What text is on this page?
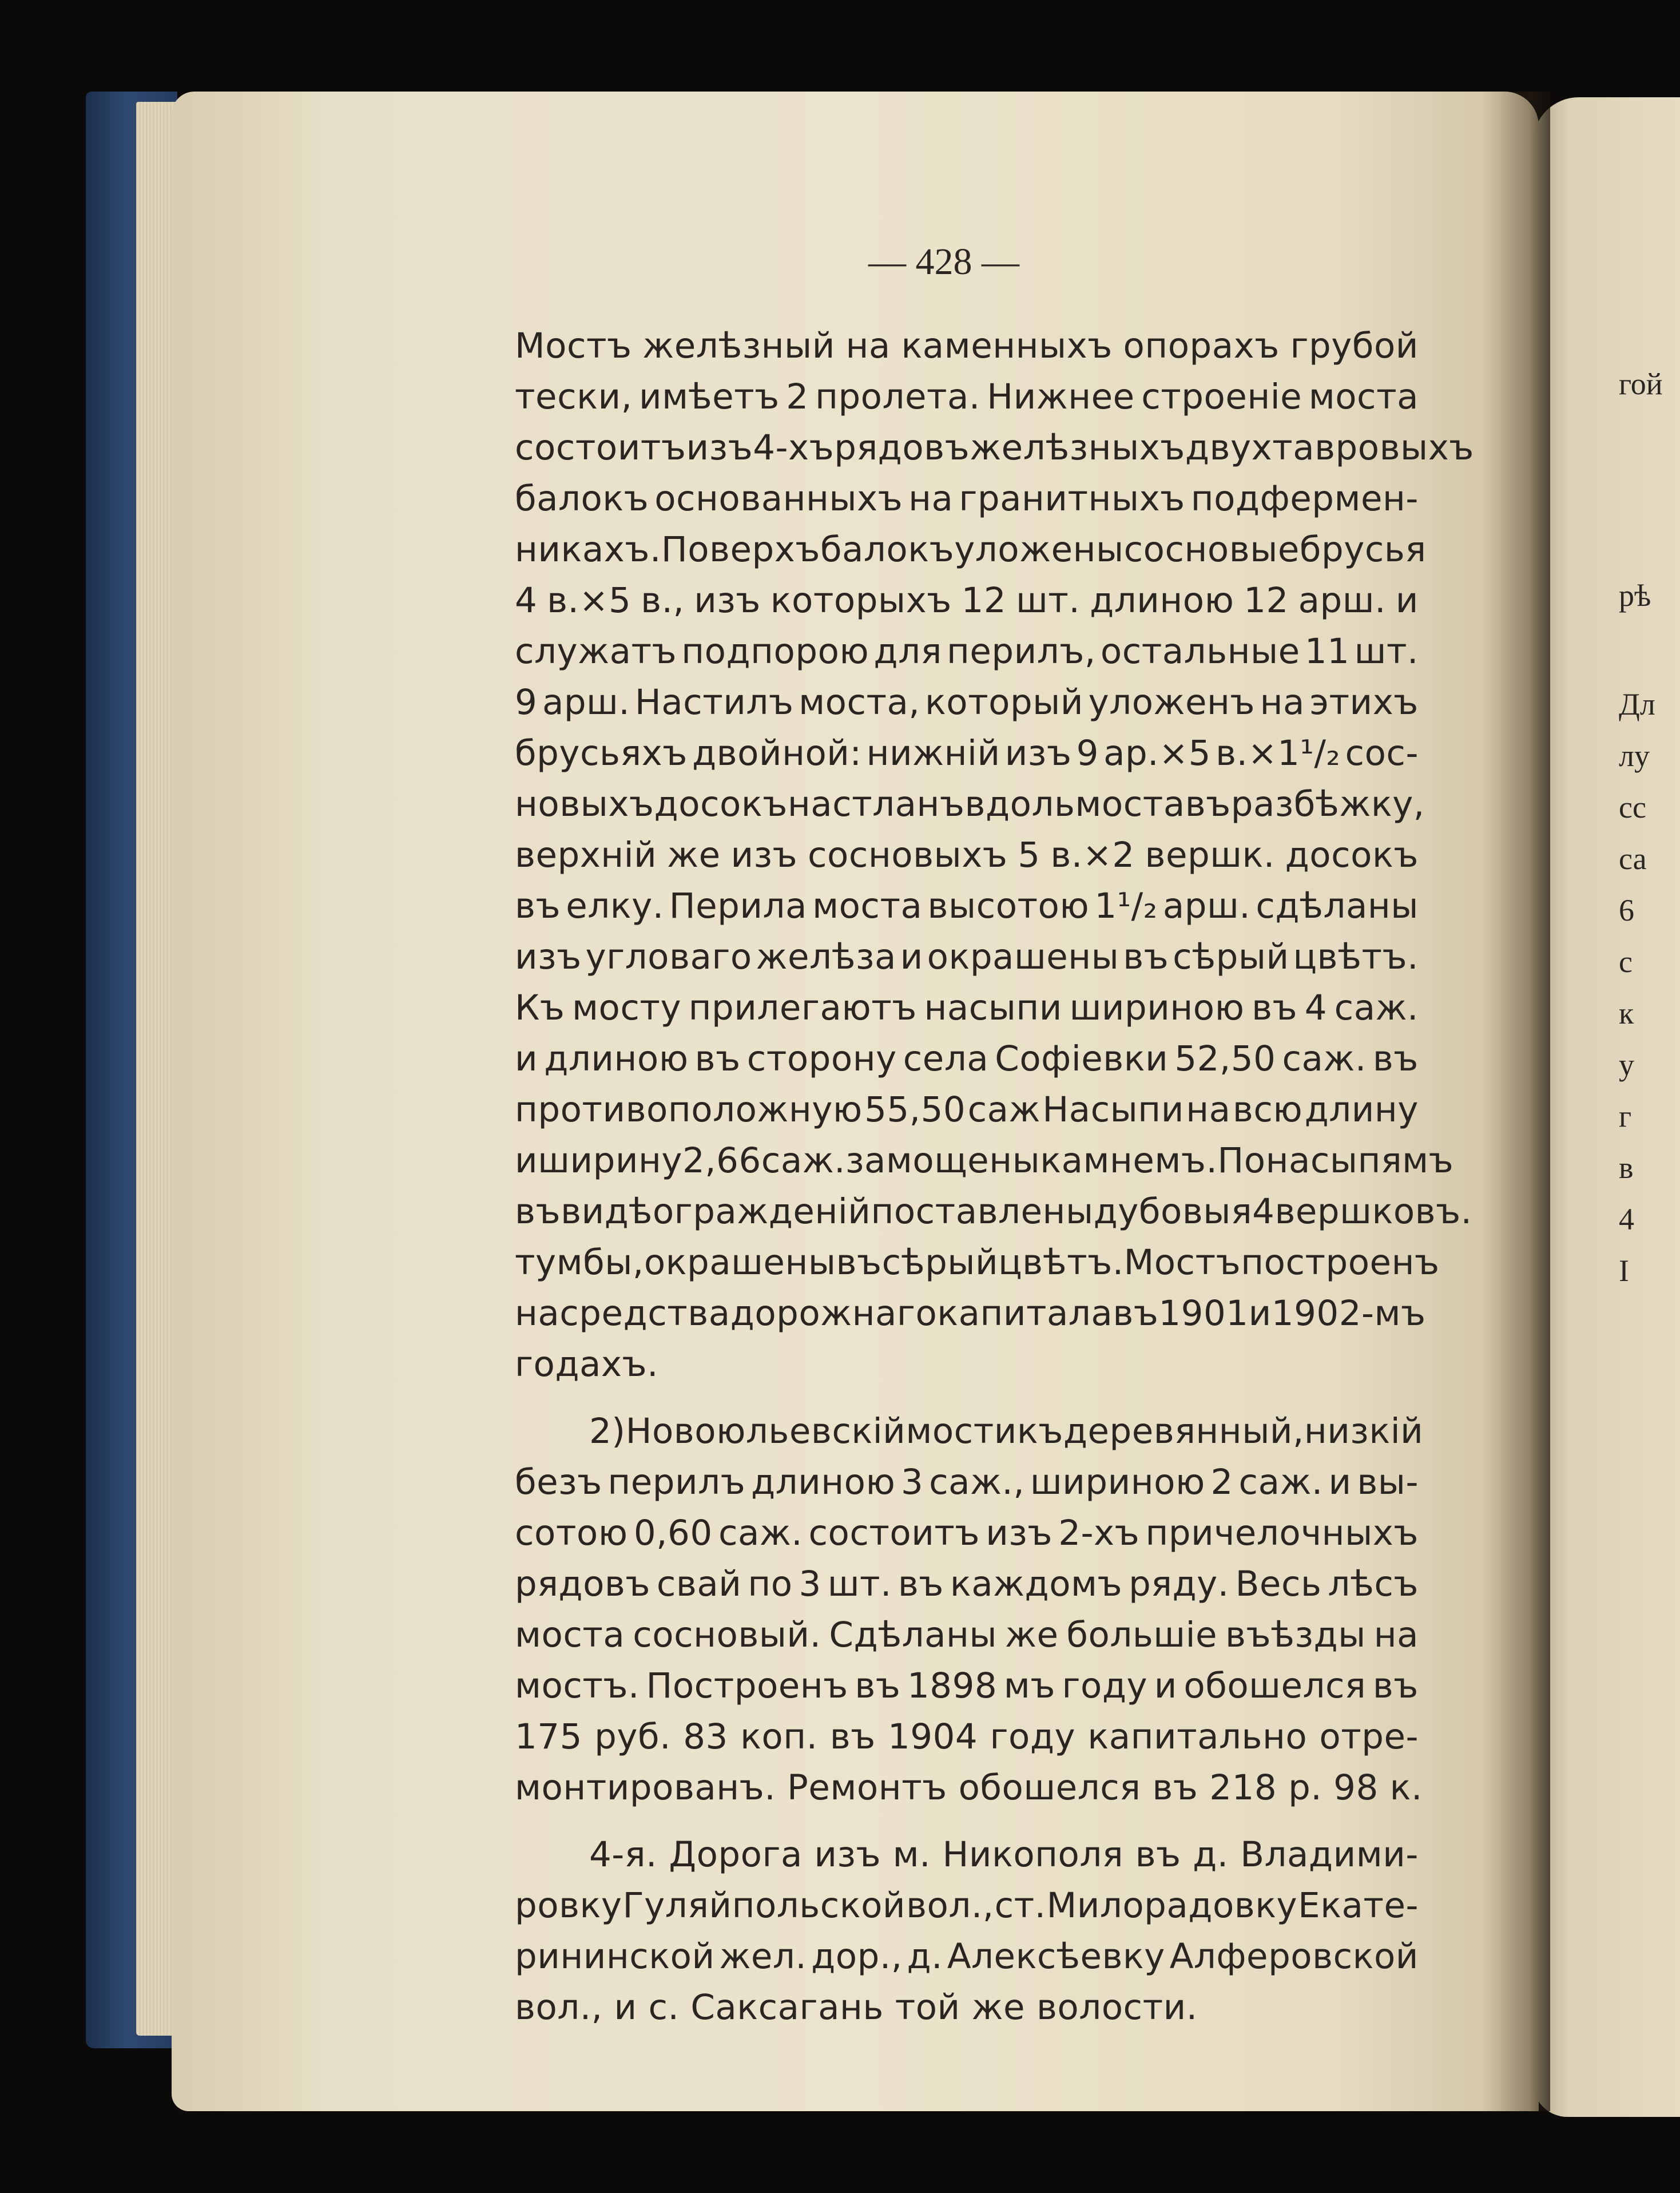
— 428 —
Мостъ желѣзный на каменныхъ опорахъ грубой
тески, имѣетъ 2 пролета. Нижнее строеніе моста
состоитъ изъ 4-хъ рядовъ желѣзныхъ двухтавровыхъ
балокъ основанныхъ на гранитныхъ подфермен-
никахъ. Поверхъ балокъ уложены сосновые брусья
4 в.×5 в., изъ которыхъ 12 шт. длиною 12 арш. и
служатъ подпорою для перилъ, остальные 11 шт.
9 арш. Настилъ моста, который уложенъ на этихъ
брусьяхъ двойной: нижній изъ 9 ар.×5 в.×1¹/₂ сос-
новыхъ досокъ настланъ вдоль моста въ разбѣжку,
верхній же изъ сосновыхъ 5 в.×2 вершк. досокъ
въ елку. Перила моста высотою 1¹/₂ арш. сдѣланы
изъ угловаго желѣза и окрашены въ сѣрый цвѣтъ.
Къ мосту прилегаютъ насыпи шириною въ 4 саж.
и длиною въ сторону села Софіевки 52,50 саж. въ
противоположную 55,50 саж Насыпи на всю длину
и ширину 2,66 саж. замощены камнемъ. По насыпямъ
въ видѣ огражденій поставлены дубовыя 4 вершковъ.
тумбы, окрашены въ сѣрый цвѣтъ. Мостъ построенъ
на средства дорожнаго капитала въ 1901 и 1902-мъ
годахъ.
2) Новоюльевскій мостикъ деревянный, низкій
безъ перилъ длиною 3 саж., шириною 2 саж. и вы-
сотою 0,60 саж. состоитъ изъ 2-хъ причелочныхъ
рядовъ свай по 3 шт. въ каждомъ ряду. Весь лѣсъ
моста сосновый. Сдѣланы же большіе въѣзды на
мостъ. Построенъ въ 1898 мъ году и обошелся въ
175 руб. 83 коп. въ 1904 году капитально отре-
монтированъ. Ремонтъ обошелся въ 218 р. 98 к.
4-я. Дорога изъ м. Никополя въ д. Владими-
ровку Гуляйпольской вол., ст. Милорадовку Екате-
рининской жел. дор., д. Алексѣевку Алферовской
вол., и с. Саксагань той же волости.
гой
рѣ
Дл
лу
сс
са
6
с
к
у
г
в
4
I
